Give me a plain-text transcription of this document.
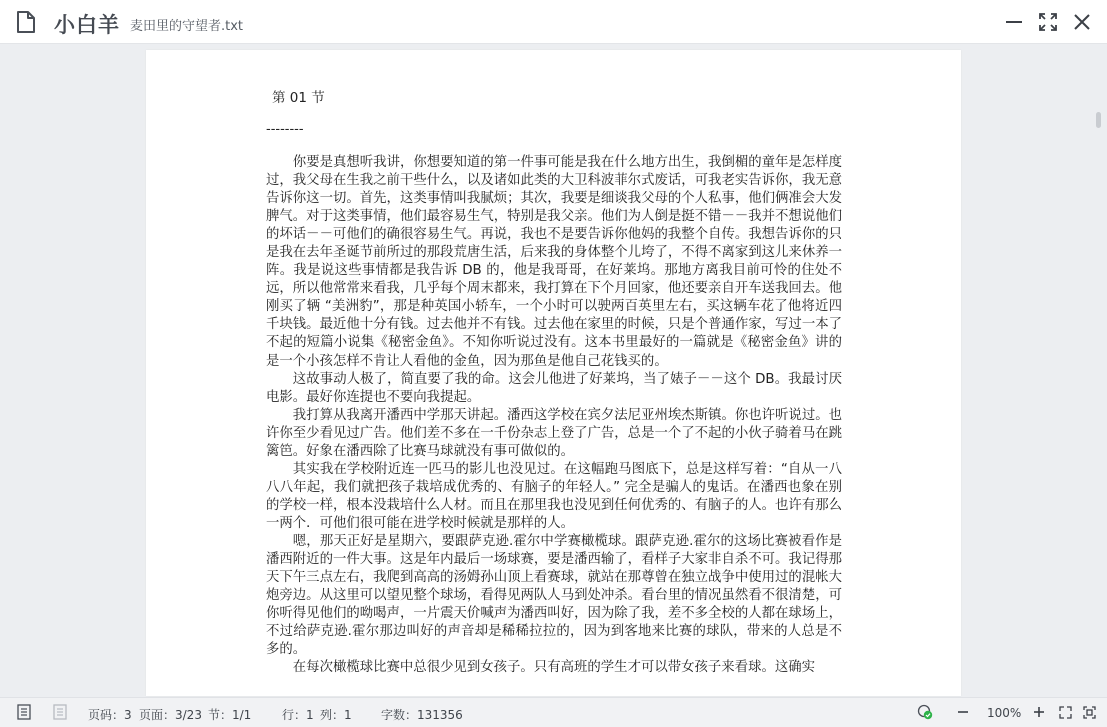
小白羊 麦田里的守望者.txt
第 01 节
--------

你要是真想听我讲，你想要知道的第一件事可能是我在什么地方出生，我倒楣的童年是怎样度过，我父母在生我之前干些什么，以及诸如此类的大卫科波菲尔式废话，可我老实告诉你，我无意告诉你这一切。首先，这类事情叫我腻烦；其次，我要是细谈我父母的个人私事，他们俩准会大发脾气。对于这类事情，他们最容易生气，特别是我父亲。他们为人倒是挺不错－－我并不想说他们的坏话－－可他们的确很容易生气。再说，我也不是要告诉你他妈的我整个自传。我想告诉你的只是我在去年圣诞节前所过的那段荒唐生活，后来我的身体整个儿垮了，不得不离家到这儿来休养一阵。我是说这些事情都是我告诉 DB 的，他是我哥哥，在好莱坞。那地方离我目前可怜的住处不远，所以他常常来看我，几乎每个周末都来，我打算在下个月回家，他还要亲自开车送我回去。他刚买了辆 “美洲豹”，那是种英国小轿车，一个小时可以驶两百英里左右，买这辆车花了他将近四千块钱。最近他十分有钱。过去他并不有钱。过去他在家里的时候，只是个普通作家，写过一本了不起的短篇小说集《秘密金鱼》。不知你听说过没有。这本书里最好的一篇就是《秘密金鱼》讲的是一个小孩怎样不肯让人看他的金鱼，因为那鱼是他自己花钱买的。

这故事动人极了，简直要了我的命。这会儿他进了好莱坞，当了婊子－－这个 DB。我最讨厌电影。最好你连提也不要向我提起。

我打算从我离开潘西中学那天讲起。潘西这学校在宾夕法尼亚州埃杰斯镇。你也许听说过。也许你至少看见过广告。他们差不多在一千份杂志上登了广告，总是一个了不起的小伙子骑着马在跳篱笆。好象在潘西除了比赛马球就没有事可做似的。

其实我在学校附近连一匹马的影儿也没见过。在这幅跑马图底下，总是这样写着：“自从一八八八年起，我们就把孩子栽培成优秀的、有脑子的年轻人。” 完全是骗人的鬼话。在潘西也象在别的学校一样，根本没栽培什么人材。而且在那里我也没见到任何优秀的、有脑子的人。也许有那么一两个．可他们很可能在进学校时候就是那样的人。

嗯，那天正好是星期六，要跟萨克逊.霍尔中学赛橄榄球。跟萨克逊.霍尔的这场比赛被看作是潘西附近的一件大事。这是年内最后一场球赛，要是潘西输了，看样子大家非自杀不可。我记得那天下午三点左右，我爬到高高的汤姆孙山顶上看赛球，就站在那尊曾在独立战争中使用过的混帐大炮旁边。从这里可以望见整个球场，看得见两队人马到处冲杀。看台里的情况虽然看不很清楚，可你听得见他们的呦喝声，一片震天价喊声为潘西叫好，因为除了我，差不多全校的人都在球场上，不过给萨克逊.霍尔那边叫好的声音却是稀稀拉拉的，因为到客地来比赛的球队，带来的人总是不多的。

在每次橄榄球比赛中总很少见到女孩子。只有高班的学生才可以带女孩子来看球。这确实

页码：3 页面：3/23 节：1/1	行：1 列：1 字数：131356	100%
